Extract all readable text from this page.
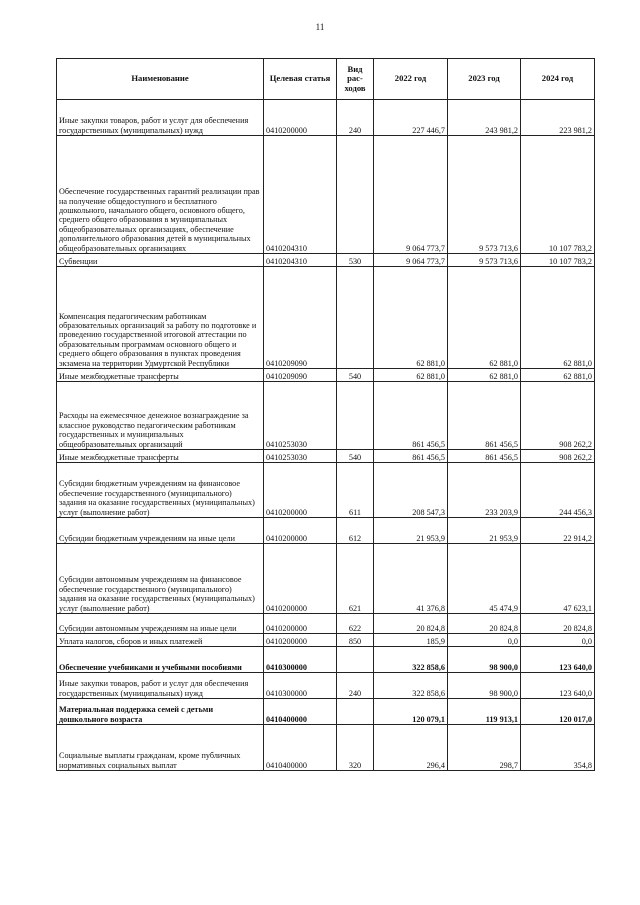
11
Наименование	Целевая статья	Вид рас-ходов	2022 год	2023 год	2024 год
Иные закупки товаров, работ и услуг для обеспечения государственных (муниципальных) нужд	0410200000	240	227 446,7	243 981,2	223 981,2
Обеспечение государственных гарантий реализации прав на получение общедоступного и бесплатного дошкольного, начального общего, основного общего, среднего общего образования в муниципальных общеобразовательных организациях, обеспечение дополнительного образования детей в муниципальных общеобразовательных организациях	0410204310		9 064 773,7	9 573 713,6	10 107 783,2
Субвенции	0410204310	530	9 064 773,7	9 573 713,6	10 107 783,2
Компенсация педагогическим работникам образовательных организаций за работу по подготовке и проведению государственной итоговой аттестации по образовательным программам основного общего и среднего общего образования в пунктах проведения экзамена на территории Удмуртской Республики	0410209090		62 881,0	62 881,0	62 881,0
Иные межбюджетные трансферты	0410209090	540	62 881,0	62 881,0	62 881,0
Расходы на ежемесячное денежное вознаграждение за классное руководство педагогическим работникам государственных и муниципальных общеобразовательных организаций	0410253030		861 456,5	861 456,5	908 262,2
Иные межбюджетные трансферты	0410253030	540	861 456,5	861 456,5	908 262,2
Субсидии бюджетным учреждениям на финансовое обеспечение государственного (муниципального) задания на оказание государственных (муниципальных) услуг (выполнение работ)	0410200000	611	208 547,3	233 203,9	244 456,3
Субсидии бюджетным учреждениям на иные цели	0410200000	612	21 953,9	21 953,9	22 914,2
Субсидии автономным учреждениям на финансовое обеспечение государственного (муниципального) задания на оказание государственных (муниципальных) услуг (выполнение работ)	0410200000	621	41 376,8	45 474,9	47 623,1
Субсидии автономным учреждениям на иные цели	0410200000	622	20 824,8	20 824,8	20 824,8
Уплата налогов, сборов и иных платежей	0410200000	850	185,9	0,0	0,0
Обеспечение учебниками и учебными пособиями	0410300000		322 858,6	98 900,0	123 640,0
Иные закупки товаров, работ и услуг для обеспечения государственных (муниципальных) нужд	0410300000	240	322 858,6	98 900,0	123 640,0
Материальная поддержка семей с детьми дошкольного возраста	0410400000		120 079,1	119 913,1	120 017,0
Социальные выплаты гражданам, кроме публичных нормативных социальных выплат	0410400000	320	296,4	298,7	354,8
